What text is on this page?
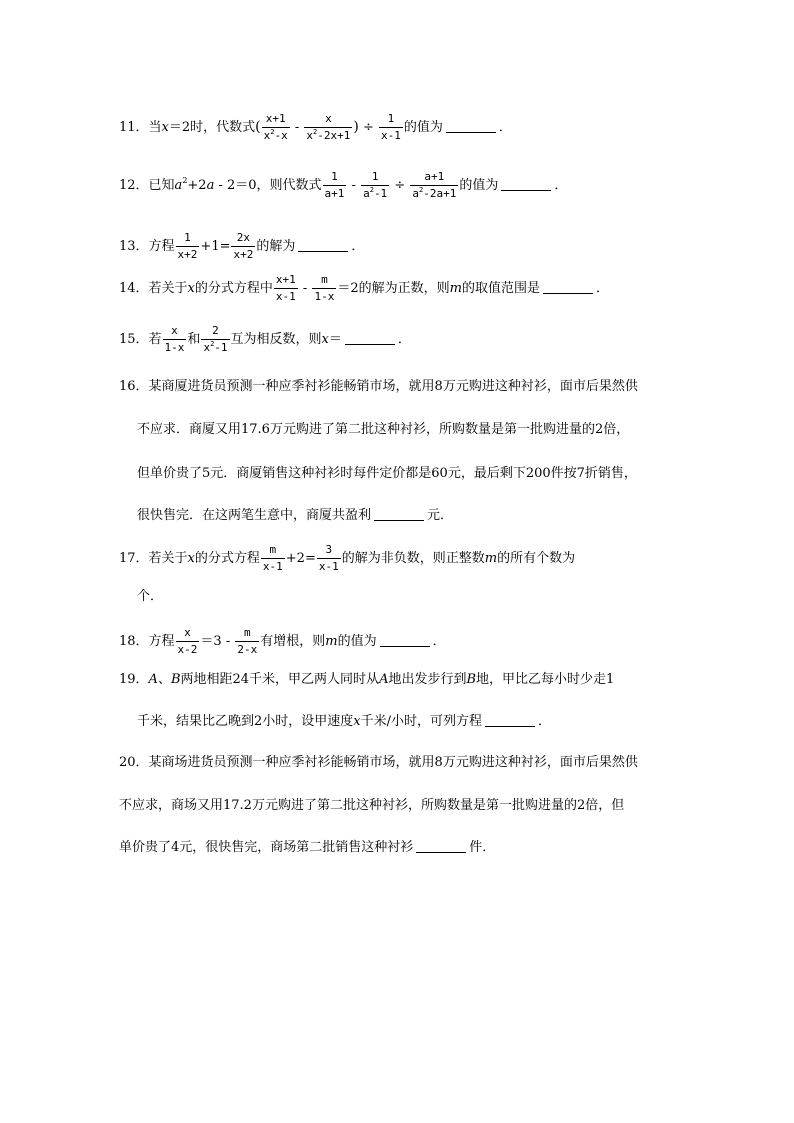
11．当x＝2时，代数式( $\frac{x+1}{x^2-x} - \frac{x}{x^2-2x+1}$ ) ÷ $\frac{1}{x-1}$ 的值为	．
12．已知$a^2+2a - 2=0$，则代数式 $\frac{1}{a+1} - \frac{1}{a^2-1} \div \frac{a+1}{a^2-2a+1}$ 的值为	．
13．方程 $\frac{1}{x+2} +1= \frac{2x}{x+2}$ 的解为	．
14．若关于x的分式方程中 $\frac{x+1}{x-1} - \frac{m}{1-x} =2$的解为正数，则m的取值范围是	．
15．若 $\frac{x}{1-x}$ 和 $\frac{2}{x^2-1}$ 互为相反数，则x＝	．
16．某商厦进货员预测一种应季衬衫能畅销市场，就用8万元购进这种衬衫，面市后果然供
不应求．商厦又用17.6万元购进了第二批这种衬衫，所购数量是第一批购进量的2倍，
但单价贵了5元．商厦销售这种衬衫时每件定价都是60元，最后剩下200件按7折销售，
很快售完．在这两笔生意中，商厦共盈利	元．
17．若关于x的分式方程 $\frac{m}{x-1} +2= \frac{3}{x-1}$ 的解为非负数，则正整数m的所有个数为
个．
18．方程 $\frac{x}{x-2} =3 - \frac{m}{2-x}$ 有增根，则m的值为	．
19．A、B两地相距24千米，甲乙两人同时从A地出发步行到B地，甲比乙每小时少走1
千米，结果比乙晚到2小时，设甲速度x千米/小时，可列方程	．
20．某商场进货员预测一种应季衬衫能畅销市场，就用8万元购进这种衬衫，面市后果然供
不应求，商场又用17.2万元购进了第二批这种衬衫，所购数量是第一批购进量的2倍，但
单价贵了4元，很快售完，商场第二批销售这种衬衫	件．
